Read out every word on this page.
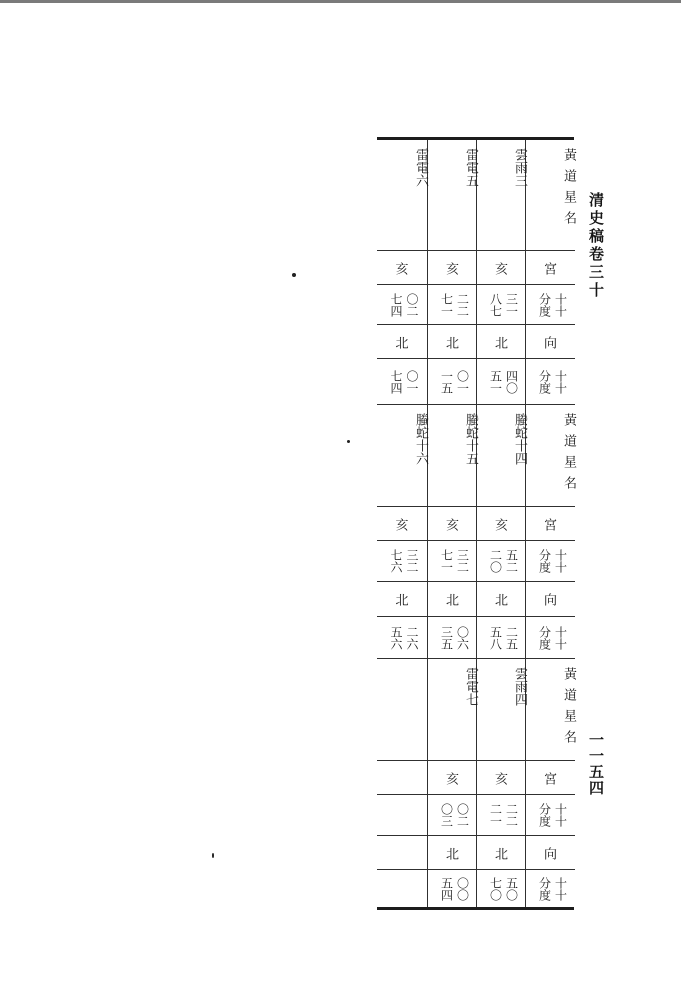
清史稿卷三十
一一五四
黃道星名
宮
十十分度
向
十十分度
黃道星名
宮
十十分度
向
十十分度
黃道星名
宮
十十分度
向
十十分度
雲雨三
亥
三一八七
北
四〇五一
螣蛇十四
亥
五二二〇
北
二五五八
雲雨四
亥
二二二一
北
五〇七〇
雷電五
亥
二二七一
北
〇一一五
螣蛇十五
亥
三二七一
北
〇六三五
雷電七
亥
〇二〇三
北
〇〇五四
雷電六
亥
〇二七四
北
〇一七四
螣蛇十六
亥
三二七六
北
二六五六
